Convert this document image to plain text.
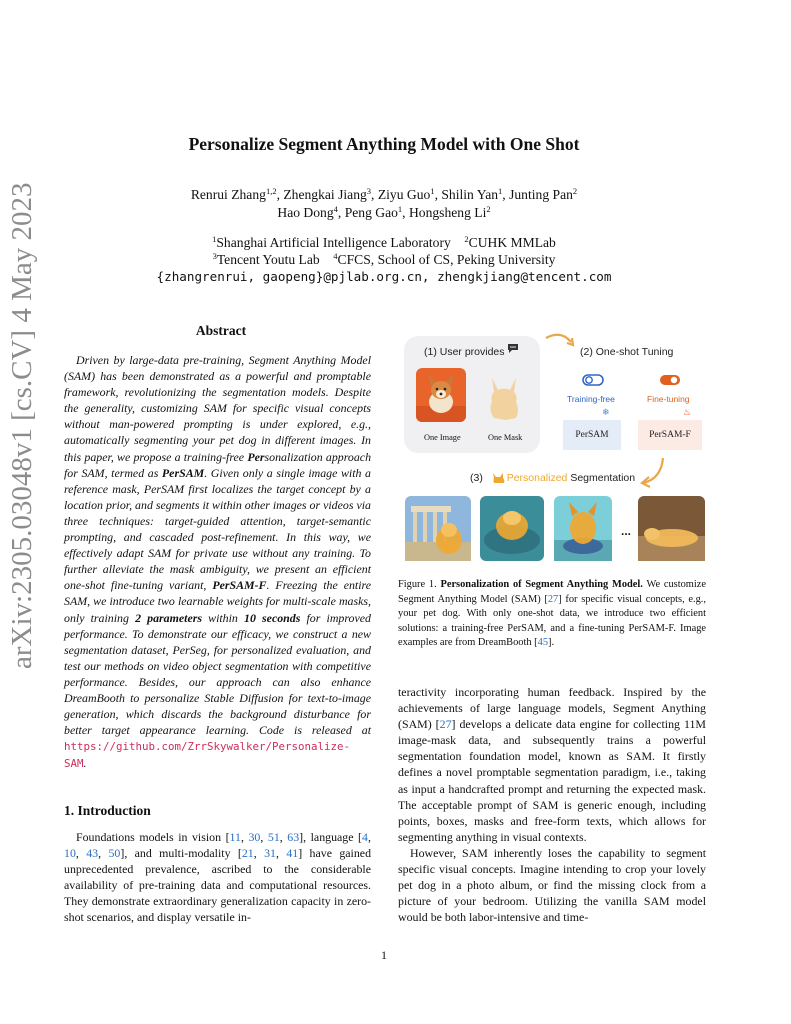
arXiv:2305.03048v1 [cs.CV] 4 May 2023
Personalize Segment Anything Model with One Shot
Renrui Zhang$^{1,2}$, Zhengkai Jiang$^3$, Ziyu Guo$^1$, Shilin Yan$^1$, Junting Pan$^2$
Hao Dong$^4$, Peng Gao$^1$, Hongsheng Li$^2$
$^1$Shanghai Artificial Intelligence Laboratory $^2$CUHK MMLab
$^3$Tencent Youtu Lab $^4$CFCS, School of CS, Peking University
{zhangrenrui, gaopeng}@pjlab.org.cn, zhengkjiang@tencent.com
Abstract

Driven by large-data pre-training, Segment Anything Model (SAM) has been demonstrated as a powerful and promptable framework, revolutionizing the segmentation models. Despite the generality, customizing SAM for specific visual concepts without man-powered prompting is under explored, e.g., automatically segmenting your pet dog in different images. In this paper, we propose a training-free Personalization approach for SAM, termed as PerSAM. Given only a single image with a reference mask, PerSAM first localizes the target concept by a location prior, and segments it within other images or videos via three techniques: target-guided attention, target-semantic prompting, and cascaded post-refinement. In this way, we effectively adapt SAM for private use without any training. To further alleviate the mask ambiguity, we present an efficient one-shot fine-tuning variant, PerSAM-F. Freezing the entire SAM, we introduce two learnable weights for multi-scale masks, only training 2 parameters within 10 seconds for improved performance. To demonstrate our efficacy, we construct a new segmentation dataset, PerSeg, for personalized evaluation, and test our methods on video object segmentation with competitive performance. Besides, our approach can also enhance DreamBooth to personalize Stable Diffusion for text-to-image generation, which discards the background disturbance for better target appearance learning. Code is released at https://github.com/ZrrSkywalker/Personalize-SAM.

1. Introduction

Foundations models in vision [11, 30, 51, 63], language [4, 10, 43, 50], and multi-modality [21, 31, 41] have gained unprecedented prevalence, ascribed to the considerable availability of pre-training data and computational resources. They demonstrate extraordinary generalization capacity in zero-shot scenarios, and display versatile in-

(1) User provides
One Image	One Mask
(2) One-shot Tuning
Training-free	Fine-tuning
❄	♨
PerSAM	PerSAM-F
(3) Personalized Segmentation
...

Figure 1. Personalization of Segment Anything Model. We customize Segment Anything Model (SAM) [27] for specific visual concepts, e.g., your pet dog. With only one-shot data, we introduce two efficient solutions: a training-free PerSAM, and a fine-tuning PerSAM-F. Image examples are from DreamBooth [45].

teractivity incorporating human feedback. Inspired by the achievements of large language models, Segment Anything (SAM) [27] develops a delicate data engine for collecting 11M image-mask data, and subsequently trains a powerful segmentation foundation model, known as SAM. It firstly defines a novel promptable segmentation paradigm, i.e., taking as input a handcrafted prompt and returning the expected mask. The acceptable prompt of SAM is generic enough, including points, boxes, masks and free-form texts, which allows for segmenting anything in visual contexts.

However, SAM inherently loses the capability to segment specific visual concepts. Imagine intending to crop your lovely pet dog in a photo album, or find the missing clock from a picture of your bedroom. Utilizing the vanilla SAM model would be both labor-intensive and time-

1
